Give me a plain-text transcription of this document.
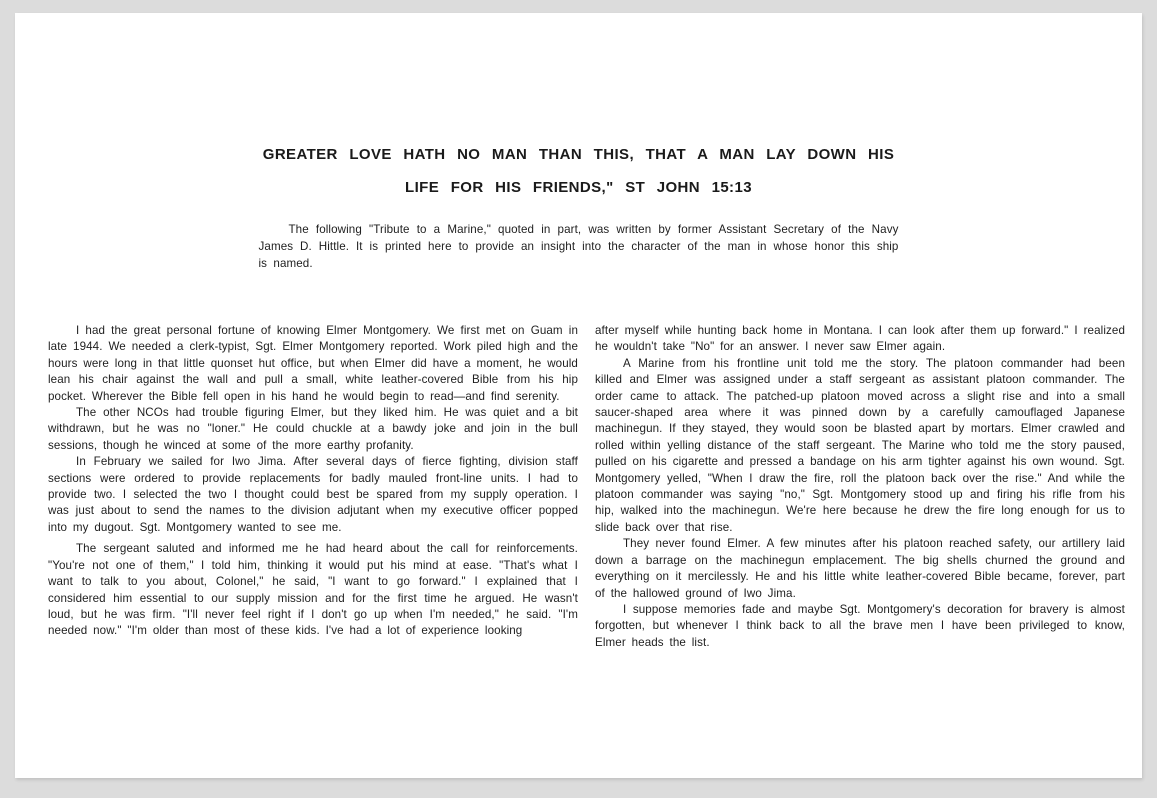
GREATER LOVE HATH NO MAN THAN THIS, THAT A MAN LAY DOWN HIS
LIFE FOR HIS FRIENDS," ST JOHN 15:13
The following "Tribute to a Marine," quoted in part, was written by former Assistant Secretary of the Navy James D. Hittle. It is printed here to provide an insight into the character of the man in whose honor this ship is named.

I had the great personal fortune of knowing Elmer Montgomery. We first met on Guam in late 1944. We needed a clerk-typist, Sgt. Elmer Montgomery reported. Work piled high and the hours were long in that little quonset hut office, but when Elmer did have a moment, he would lean his chair against the wall and pull a small, white leather-covered Bible from his hip pocket. Wherever the Bible fell open in his hand he would begin to read—and find serenity.

The other NCOs had trouble figuring Elmer, but they liked him. He was quiet and a bit withdrawn, but he was no "loner." He could chuckle at a bawdy joke and join in the bull sessions, though he winced at some of the more earthy profanity.

In February we sailed for Iwo Jima. After several days of fierce fighting, division staff sections were ordered to provide replacements for badly mauled front-line units. I had to provide two. I selected the two I thought could best be spared from my supply operation. I was just about to send the names to the division adjutant when my executive officer popped into my dugout. Sgt. Montgomery wanted to see me.

The sergeant saluted and informed me he had heard about the call for reinforcements. "You're not one of them," I told him, thinking it would put his mind at ease. "That's what I want to talk to you about, Colonel," he said, "I want to go forward." I explained that I considered him essential to our supply mission and for the first time he argued. He wasn't loud, but he was firm. "I'll never feel right if I don't go up when I'm needed," he said. "I'm needed now." "I'm older than most of these kids. I've had a lot of experience looking

after myself while hunting back home in Montana. I can look after them up forward." I realized he wouldn't take "No" for an answer. I never saw Elmer again.

A Marine from his frontline unit told me the story. The platoon commander had been killed and Elmer was assigned under a staff sergeant as assistant platoon commander. The order came to attack. The patched-up platoon moved across a slight rise and into a small saucer-shaped area where it was pinned down by a carefully camouflaged Japanese machinegun. If they stayed, they would soon be blasted apart by mortars. Elmer crawled and rolled within yelling distance of the staff sergeant. The Marine who told me the story paused, pulled on his cigarette and pressed a bandage on his arm tighter against his own wound. Sgt. Montgomery yelled, "When I draw the fire, roll the platoon back over the rise." And while the platoon commander was saying "no," Sgt. Montgomery stood up and firing his rifle from his hip, walked into the machinegun. We're here because he drew the fire long enough for us to slide back over that rise.

They never found Elmer. A few minutes after his platoon reached safety, our artillery laid down a barrage on the machinegun emplacement. The big shells churned the ground and everything on it mercilessly. He and his little white leather-covered Bible became, forever, part of the hallowed ground of Iwo Jima.

I suppose memories fade and maybe Sgt. Montgomery's decoration for bravery is almost forgotten, but whenever I think back to all the brave men I have been privileged to know, Elmer heads the list.
